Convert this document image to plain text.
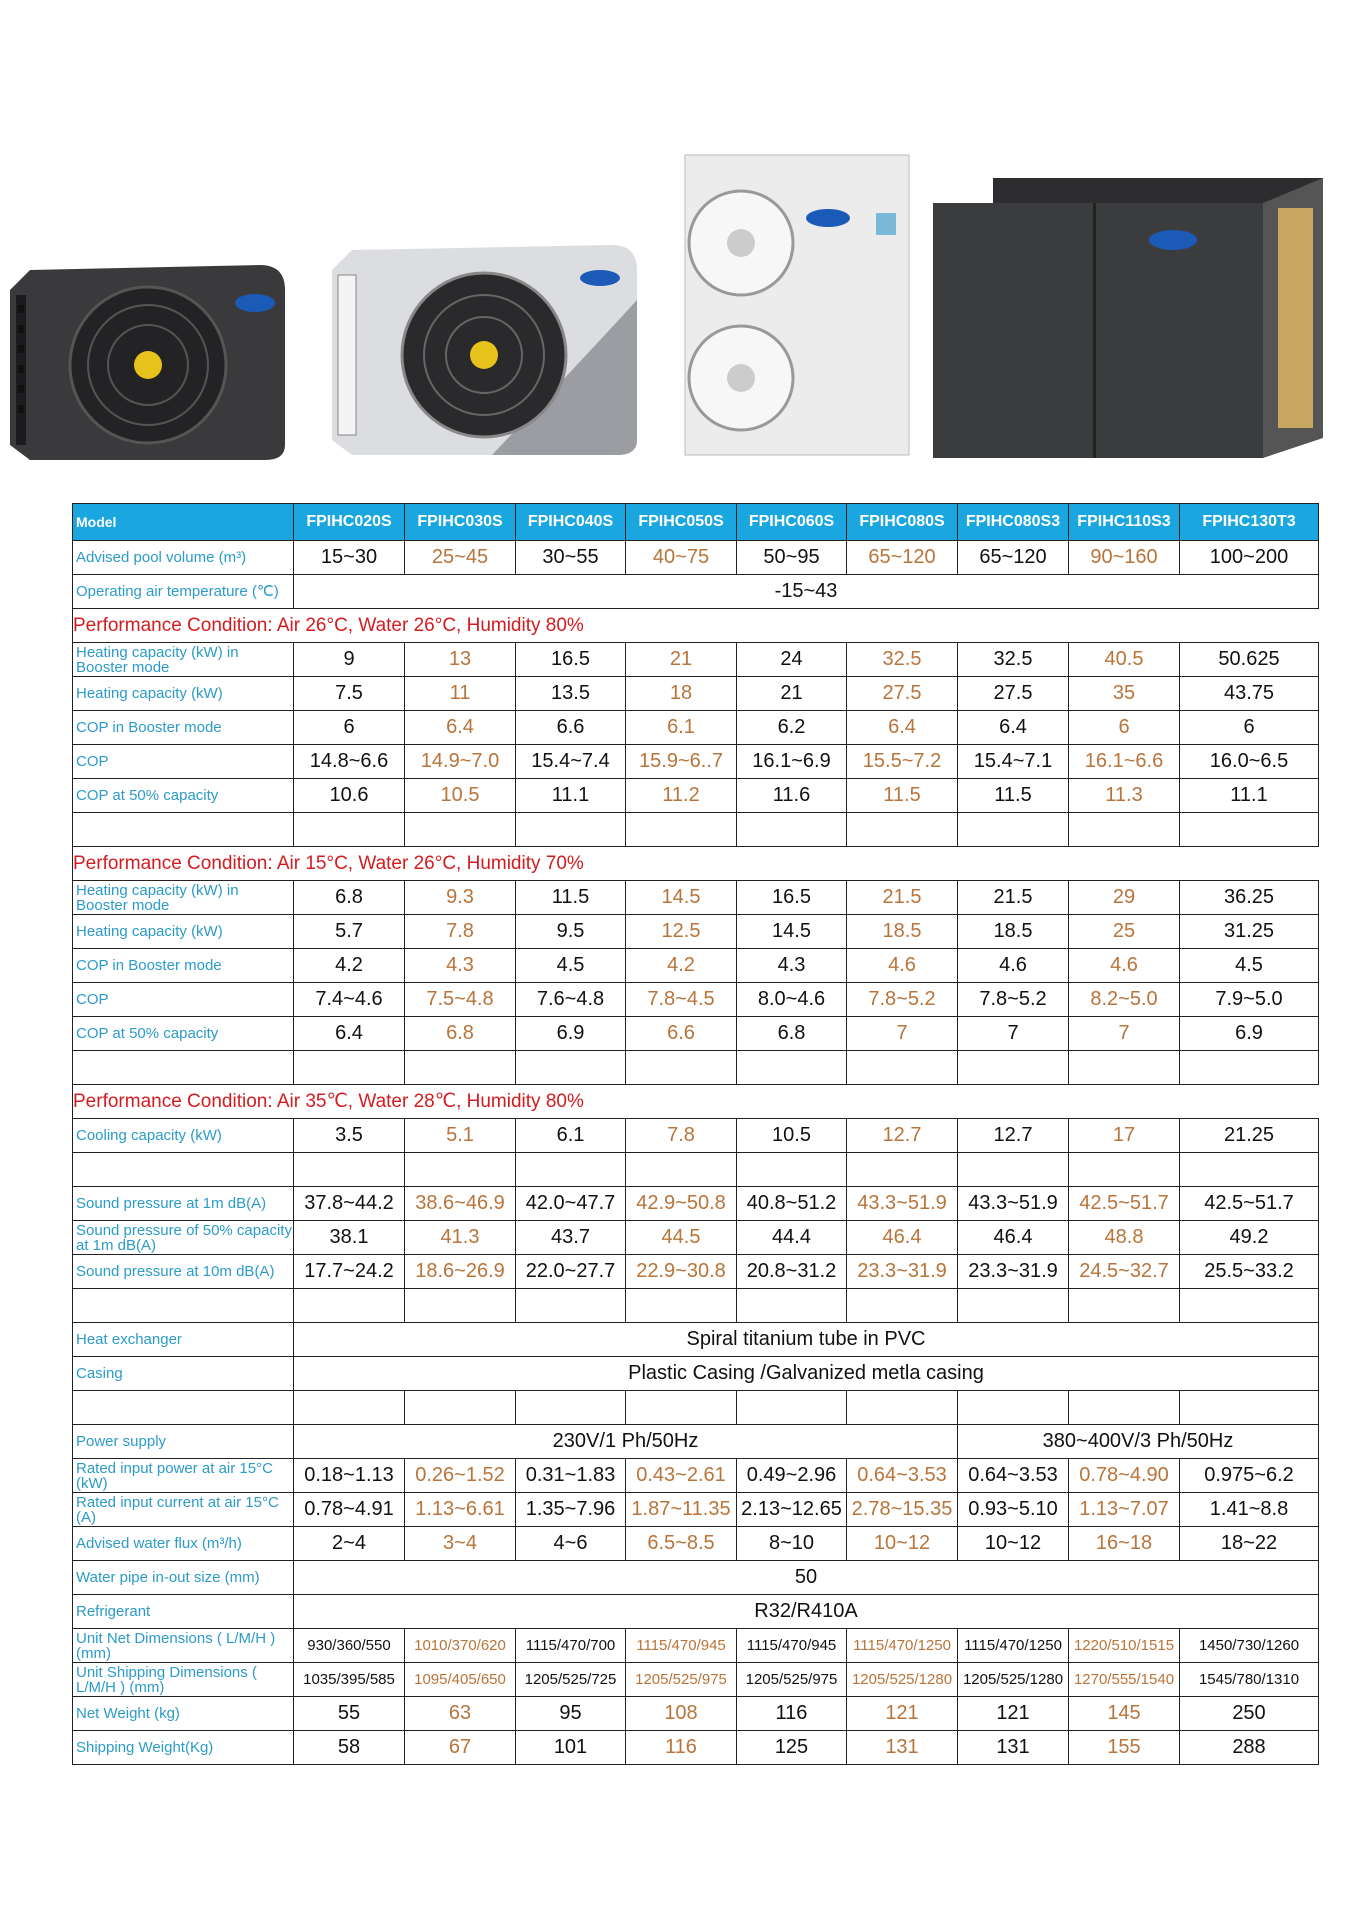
Model	FPIHC020S	FPIHC030S	FPIHC040S	FPIHC050S	FPIHC060S	FPIHC080S	FPIHC080S3	FPIHC110S3	FPIHC130T3
Advised pool volume (m³)	15~30	25~45	30~55	40~75	50~95	65~120	65~120	90~160	100~200
Operating air temperature (℃)	-15~43								
Performance Condition: Air 26°C, Water 26°C, Humidity 80%									
Heating capacity (kW) in Booster mode	9	13	16.5	21	24	32.5	32.5	40.5	50.625
Heating capacity (kW)	7.5	11	13.5	18	21	27.5	27.5	35	43.75
COP in Booster mode	6	6.4	6.6	6.1	6.2	6.4	6.4	6	6
COP	14.8~6.6	14.9~7.0	15.4~7.4	15.9~6..7	16.1~6.9	15.5~7.2	15.4~7.1	16.1~6.6	16.0~6.5
COP at 50% capacity	10.6	10.5	11.1	11.2	11.6	11.5	11.5	11.3	11.1

Performance Condition: Air 15°C, Water 26°C, Humidity 70%									
Heating capacity (kW) in Booster mode	6.8	9.3	11.5	14.5	16.5	21.5	21.5	29	36.25
Heating capacity (kW)	5.7	7.8	9.5	12.5	14.5	18.5	18.5	25	31.25
COP in Booster mode	4.2	4.3	4.5	4.2	4.3	4.6	4.6	4.6	4.5
COP	7.4~4.6	7.5~4.8	7.6~4.8	7.8~4.5	8.0~4.6	7.8~5.2	7.8~5.2	8.2~5.0	7.9~5.0
COP at 50% capacity	6.4	6.8	6.9	6.6	6.8	7	7	7	6.9

Performance Condition: Air 35℃, Water 28℃, Humidity 80%									
Cooling capacity (kW)	3.5	5.1	6.1	7.8	10.5	12.7	12.7	17	21.25

Sound pressure at 1m dB(A)	37.8~44.2	38.6~46.9	42.0~47.7	42.9~50.8	40.8~51.2	43.3~51.9	43.3~51.9	42.5~51.7	42.5~51.7
Sound pressure of 50% capacity at 1m dB(A)	38.1	41.3	43.7	44.5	44.4	46.4	46.4	48.8	49.2
Sound pressure at 10m dB(A)	17.7~24.2	18.6~26.9	22.0~27.7	22.9~30.8	20.8~31.2	23.3~31.9	23.3~31.9	24.5~32.7	25.5~33.2

Heat exchanger	Spiral titanium tube in PVC								
Casing	Plastic Casing /Galvanized metla casing								

Power supply	230V/1 Ph/50Hz						380~400V/3 Ph/50Hz		
Rated input power at air 15°C (kW)	0.18~1.13	0.26~1.52	0.31~1.83	0.43~2.61	0.49~2.96	0.64~3.53	0.64~3.53	0.78~4.90	0.975~6.2
Rated input current at air 15°C (A)	0.78~4.91	1.13~6.61	1.35~7.96	1.87~11.35	2.13~12.65	2.78~15.35	0.93~5.10	1.13~7.07	1.41~8.8
Advised water flux (m³/h)	2~4	3~4	4~6	6.5~8.5	8~10	10~12	10~12	16~18	18~22
Water pipe in-out size (mm)	50								
Refrigerant	R32/R410A								
Unit Net Dimensions ( L/M/H )(mm)	930/360/550	1010/370/620	1115/470/700	1115/470/945	1115/470/945	1115/470/1250	1115/470/1250	1220/510/1515	1450/730/1260
Unit Shipping Dimensions ( L/M/H ) (mm)	1035/395/585	1095/405/650	1205/525/725	1205/525/975	1205/525/975	1205/525/1280	1205/525/1280	1270/555/1540	1545/780/1310
Net Weight (kg)	55	63	95	108	116	121	121	145	250
Shipping Weight(Kg)	58	67	101	116	125	131	131	155	288
